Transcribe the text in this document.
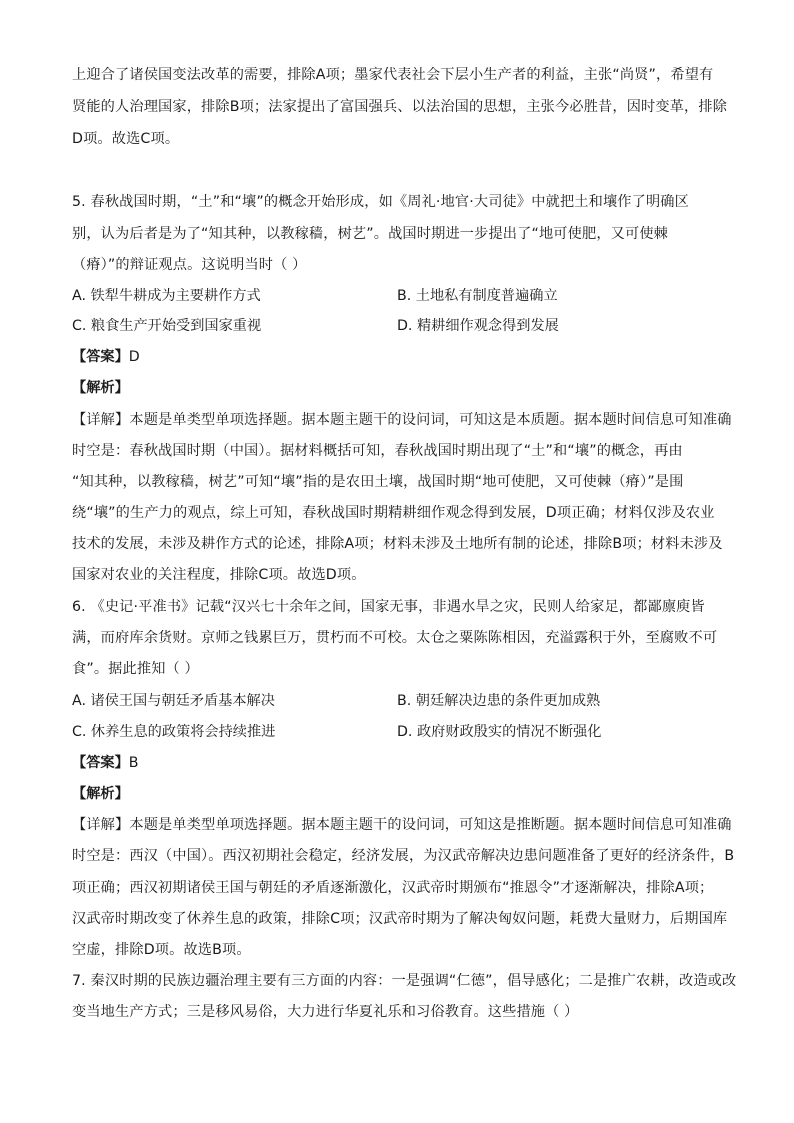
上迎合了诸侯国变法改革的需要，排除A项；墨家代表社会下层小生产者的利益，主张“尚贤”，希望有
贤能的人治理国家，排除B项；法家提出了富国强兵、以法治国的思想，主张今必胜昔，因时变革，排除
D项。故选C项。
5. 春秋战国时期，“土”和“壤”的概念开始形成，如《周礼·地官·大司徒》中就把土和壤作了明确区
别，认为后者是为了“知其种，以教稼穑，树艺”。战国时期进一步提出了“地可使肥，又可使棘
（瘠）”的辩证观点。这说明当时（ ）
A. 铁犁牛耕成为主要耕作方式	B. 土地私有制度普遍确立
C. 粮食生产开始受到国家重视	D. 精耕细作观念得到发展
【答案】D
【解析】
【详解】本题是单类型单项选择题。据本题主题干的设问词，可知这是本质题。据本题时间信息可知准确
时空是：春秋战国时期（中国）。据材料概括可知，春秋战国时期出现了“土”和“壤”的概念，再由
“知其种，以教稼穑，树艺”可知“壤”指的是农田土壤，战国时期“地可使肥，又可使棘（瘠）”是围
绕“壤”的生产力的观点，综上可知，春秋战国时期精耕细作观念得到发展，D项正确；材料仅涉及农业
技术的发展，未涉及耕作方式的论述，排除A项；材料未涉及土地所有制的论述，排除B项；材料未涉及
国家对农业的关注程度，排除C项。故选D项。
6. 《史记·平准书》记载“汉兴七十余年之间，国家无事，非遇水旱之灾，民则人给家足，都鄙廪庾皆
满，而府库余货财。京师之钱累巨万，贯朽而不可校。太仓之粟陈陈相因，充溢露积于外，至腐败不可
食”。据此推知（ ）
A. 诸侯王国与朝廷矛盾基本解决	B. 朝廷解决边患的条件更加成熟
C. 休养生息的政策将会持续推进	D. 政府财政殷实的情况不断强化
【答案】B
【解析】
【详解】本题是单类型单项选择题。据本题主题干的设问词，可知这是推断题。据本题时间信息可知准确
时空是：西汉（中国）。西汉初期社会稳定，经济发展，为汉武帝解决边患问题准备了更好的经济条件，B
项正确；西汉初期诸侯王国与朝廷的矛盾逐渐激化，汉武帝时期颁布“推恩令”才逐渐解决，排除A项；
汉武帝时期改变了休养生息的政策，排除C项；汉武帝时期为了解决匈奴问题，耗费大量财力，后期国库
空虚，排除D项。故选B项。
7. 秦汉时期的民族边疆治理主要有三方面的内容：一是强调“仁德”，倡导感化；二是推广农耕，改造或改
变当地生产方式；三是移风易俗，大力进行华夏礼乐和习俗教育。这些措施（ ）
